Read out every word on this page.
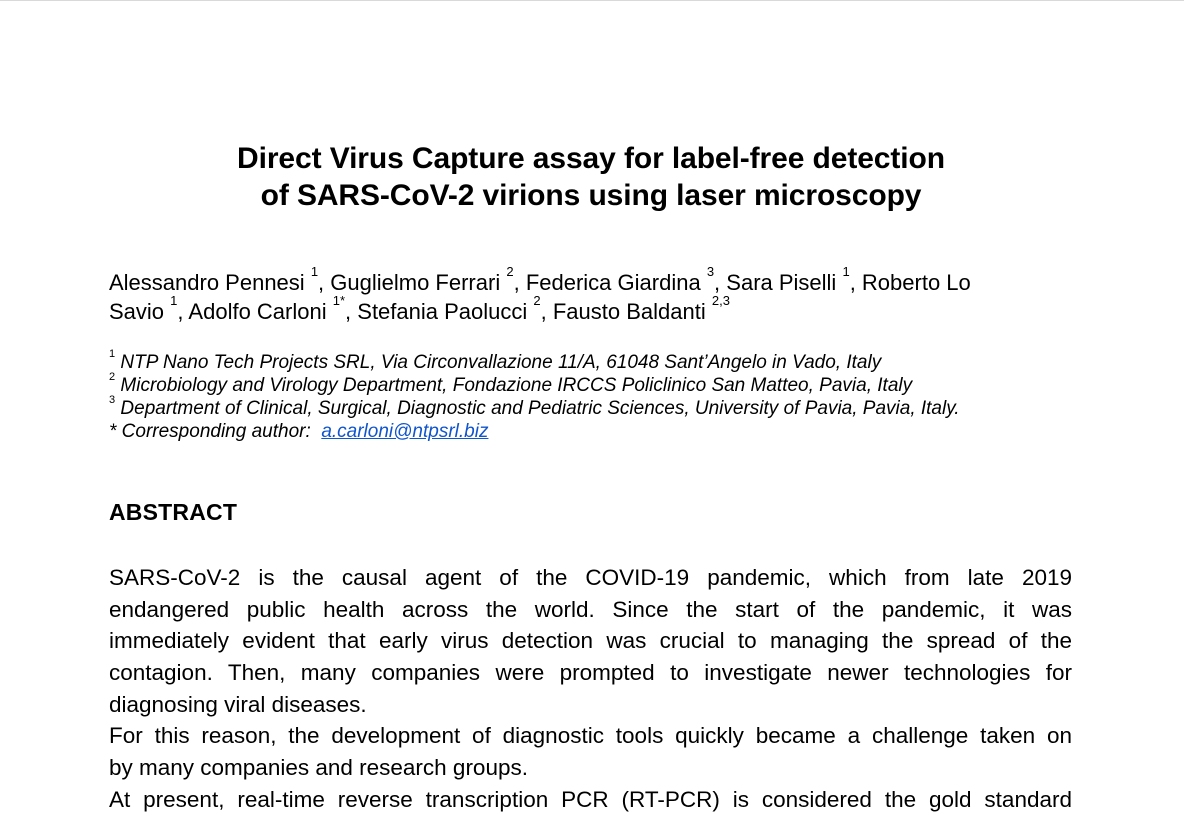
Direct Virus Capture assay for label-free detection
of SARS-CoV-2 virions using laser microscopy
Alessandro Pennesi $^1$, Guglielmo Ferrari $^2$, Federica Giardina $^3$, Sara Piselli $^1$, Roberto Lo
Savio $^1$, Adolfo Carloni $^{1*}$, Stefania Paolucci $^2$, Fausto Baldanti $^{2,3}$
$^1$ NTP Nano Tech Projects SRL, Via Circonvallazione 11/A, 61048 Sant’Angelo in Vado, Italy
$^2$ Microbiology and Virology Department, Fondazione IRCCS Policlinico San Matteo, Pavia, Italy
$^3$ Department of Clinical, Surgical, Diagnostic and Pediatric Sciences, University of Pavia, Pavia, Italy.
* Corresponding author: a.carloni@ntpsrl.biz
ABSTRACT
SARS-CoV-2 is the causal agent of the COVID-19 pandemic, which from late 2019
endangered public health across the world. Since the start of the pandemic, it was
immediately evident that early virus detection was crucial to managing the spread of the
contagion. Then, many companies were prompted to investigate newer technologies for
diagnosing viral diseases.
For this reason, the development of diagnostic tools quickly became a challenge taken on
by many companies and research groups.
At present, real-time reverse transcription PCR (RT-PCR) is considered the gold standard
